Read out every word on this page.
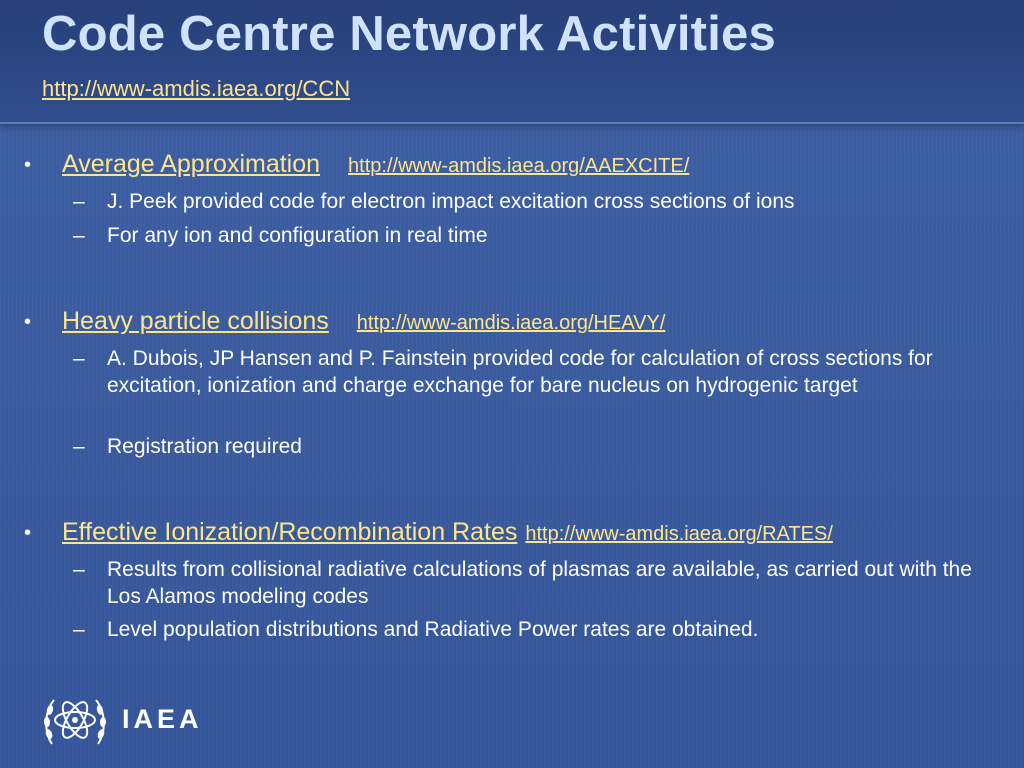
Code Centre Network Activities
http://www-amdis.iaea.org/CCN
• Average Approximation http://www-amdis.iaea.org/AAEXCITE/
– J. Peek provided code for electron impact excitation cross sections of ions
– For any ion and configuration in real time
• Heavy particle collisions http://www-amdis.iaea.org/HEAVY/
– A. Dubois, JP Hansen and P. Fainstein provided code for calculation of cross sections for excitation, ionization and charge exchange for bare nucleus on hydrogenic target
– Registration required
• Effective Ionization/Recombination Rates http://www-amdis.iaea.org/RATES/
– Results from collisional radiative calculations of plasmas are available, as carried out with the Los Alamos modeling codes
– Level population distributions and Radiative Power rates are obtained.
IAEA
